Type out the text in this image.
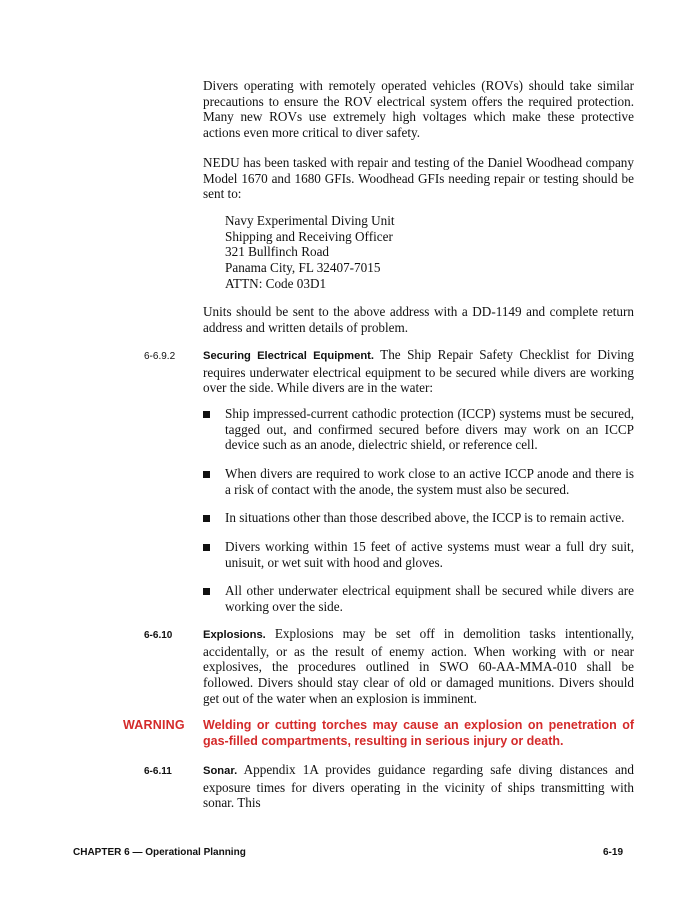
Divers operating with remotely operated vehicles (ROVs) should take similar precautions to ensure the ROV electrical system offers the required protection. Many new ROVs use extremely high voltages which make these protective actions even more critical to diver safety.

NEDU has been tasked with repair and testing of the Daniel Woodhead company Model 1670 and 1680 GFIs. Woodhead GFIs needing repair or testing should be sent to:

Navy Experimental Diving Unit
Shipping and Receiving Officer
321 Bullfinch Road
Panama City, FL 32407-7015
ATTN: Code 03D1

Units should be sent to the above address with a DD-1149 and complete return address and written details of problem.

6-6.9.2 Securing Electrical Equipment. The Ship Repair Safety Checklist for Diving requires underwater electrical equipment to be secured while divers are working over the side. While divers are in the water:

Ship impressed-current cathodic protection (ICCP) systems must be secured, tagged out, and confirmed secured before divers may work on an ICCP device such as an anode, dielectric shield, or reference cell.
When divers are required to work close to an active ICCP anode and there is a risk of contact with the anode, the system must also be secured.
In situations other than those described above, the ICCP is to remain active.
Divers working within 15 feet of active systems must wear a full dry suit, unisuit, or wet suit with hood and gloves.
All other underwater electrical equipment shall be secured while divers are working over the side.
6-6.10	Explosions. Explosions may be set off in demolition tasks intentionally, accidentally, or as the result of enemy action. When working with or near explosives, the procedures outlined in SWO 60-AA-MMA-010 shall be followed. Divers should stay clear of old or damaged munitions. Divers should get out of the water when an explosion is imminent.

WARNING Welding or cutting torches may cause an explosion on penetration of gas-filled compartments, resulting in serious injury or death.
6-6.11	Sonar. Appendix 1A provides guidance regarding safe diving distances and exposure times for divers operating in the vicinity of ships transmitting with sonar. This

CHAPTER 6 — Operational Planning	6-19
